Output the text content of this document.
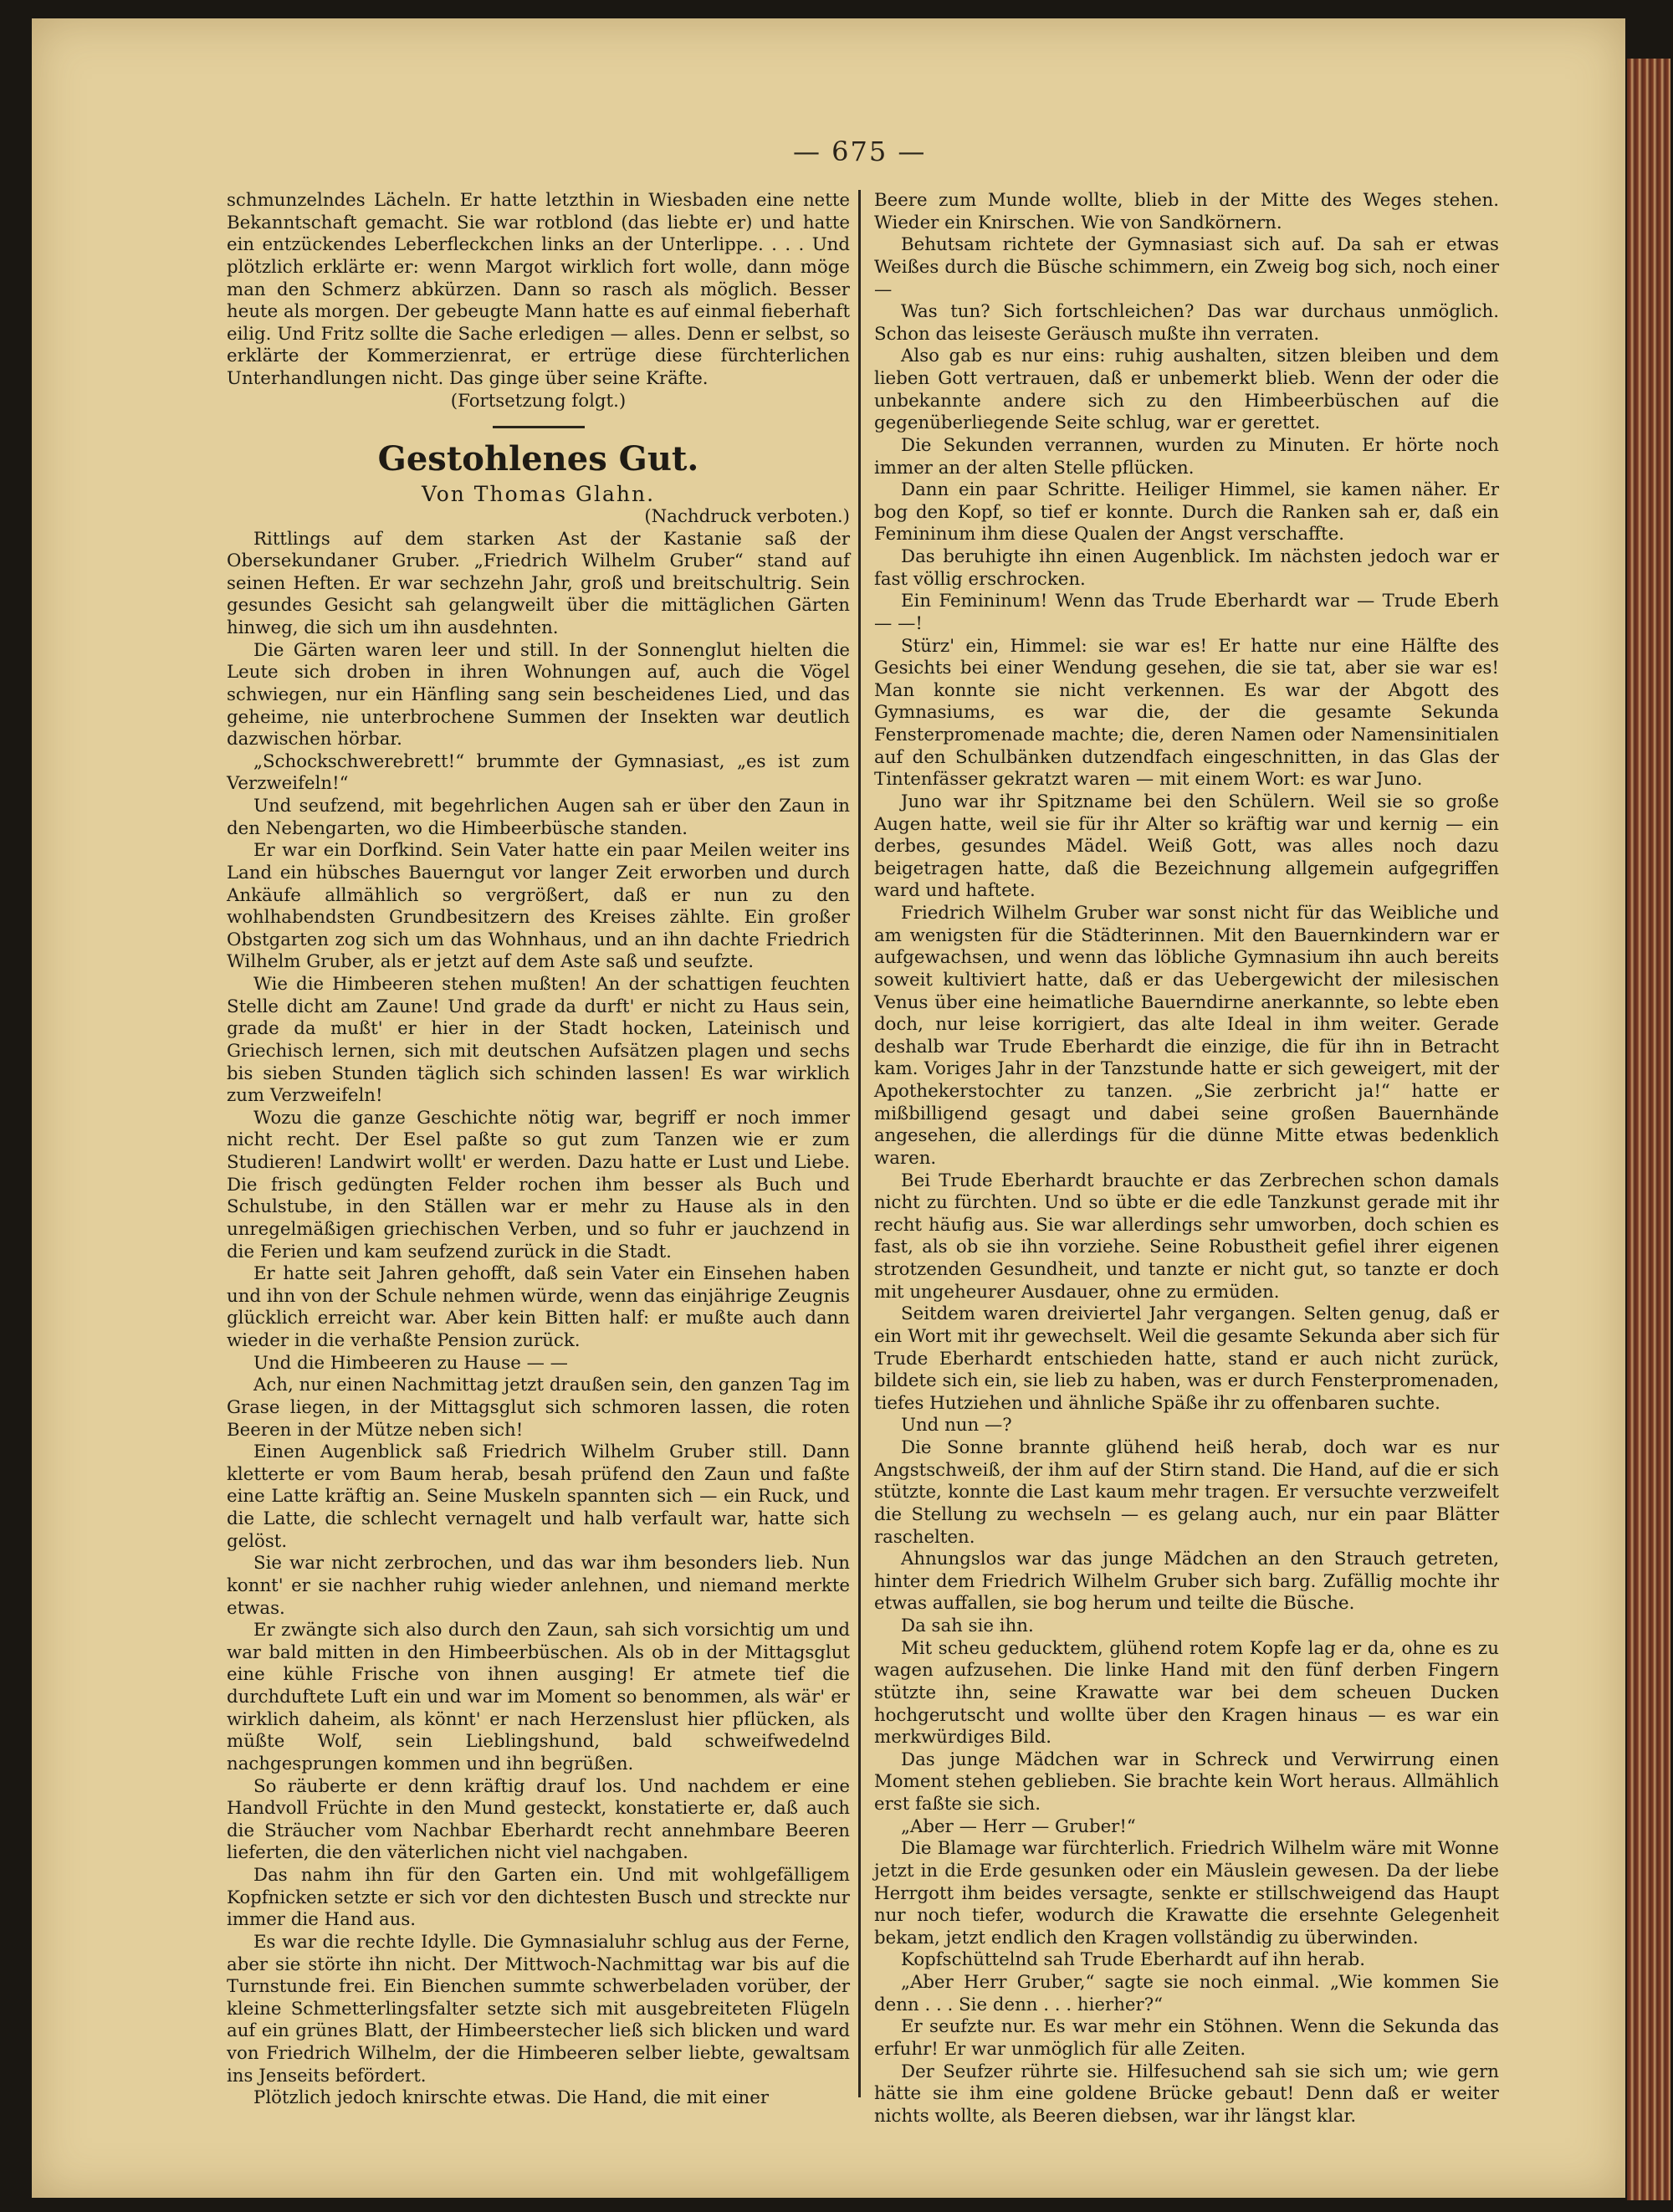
— 675 —

schmunzelndes Lächeln. Er hatte letzthin in Wiesbaden eine nette Bekanntschaft gemacht. Sie war rotblond (das liebte er) und hatte ein entzückendes Leberfleckchen links an der Unterlippe. . . . Und plötzlich erklärte er: wenn Margot wirklich fort wolle, dann möge man den Schmerz abkürzen. Dann so rasch als möglich. Besser heute als morgen. Der gebeugte Mann hatte es auf einmal fieberhaft eilig. Und Fritz sollte die Sache erledigen — alles. Denn er selbst, so erklärte der Kommerzienrat, er ertrüge diese fürchterlichen Unterhandlungen nicht. Das ginge über seine Kräfte.

(Fortsetzung folgt.)

Gestohlenes Gut.
Von Thomas Glahn.

(Nachdruck verboten.)

Rittlings auf dem starken Ast der Kastanie saß der Obersekundaner Gruber. „Friedrich Wilhelm Gruber“ stand auf seinen Heften. Er war sechzehn Jahr, groß und breitschultrig. Sein gesundes Gesicht sah gelangweilt über die mittäglichen Gärten hinweg, die sich um ihn ausdehnten.

Die Gärten waren leer und still. In der Sonnenglut hielten die Leute sich droben in ihren Wohnungen auf, auch die Vögel schwiegen, nur ein Hänfling sang sein bescheidenes Lied, und das geheime, nie unterbrochene Summen der Insekten war deutlich dazwischen hörbar.

„Schockschwerebrett!“ brummte der Gymnasiast, „es ist zum Verzweifeln!“

Und seufzend, mit begehrlichen Augen sah er über den Zaun in den Nebengarten, wo die Himbeerbüsche standen.

Er war ein Dorfkind. Sein Vater hatte ein paar Meilen weiter ins Land ein hübsches Bauerngut vor langer Zeit erworben und durch Ankäufe allmählich so vergrößert, daß er nun zu den wohlhabendsten Grundbesitzern des Kreises zählte. Ein großer Obstgarten zog sich um das Wohnhaus, und an ihn dachte Friedrich Wilhelm Gruber, als er jetzt auf dem Aste saß und seufzte.

Wie die Himbeeren stehen mußten! An der schattigen feuchten Stelle dicht am Zaune! Und grade da durft' er nicht zu Haus sein, grade da mußt' er hier in der Stadt hocken, Lateinisch und Griechisch lernen, sich mit deutschen Aufsätzen plagen und sechs bis sieben Stunden täglich sich schinden lassen! Es war wirklich zum Verzweifeln!

Wozu die ganze Geschichte nötig war, begriff er noch immer nicht recht. Der Esel paßte so gut zum Tanzen wie er zum Studieren! Landwirt wollt' er werden. Dazu hatte er Lust und Liebe. Die frisch gedüngten Felder rochen ihm besser als Buch und Schulstube, in den Ställen war er mehr zu Hause als in den unregelmäßigen griechischen Verben, und so fuhr er jauchzend in die Ferien und kam seufzend zurück in die Stadt.

Er hatte seit Jahren gehofft, daß sein Vater ein Einsehen haben und ihn von der Schule nehmen würde, wenn das einjährige Zeugnis glücklich erreicht war. Aber kein Bitten half: er mußte auch dann wieder in die verhaßte Pension zurück.

Und die Himbeeren zu Hause — —

Ach, nur einen Nachmittag jetzt draußen sein, den ganzen Tag im Grase liegen, in der Mittagsglut sich schmoren lassen, die roten Beeren in der Mütze neben sich!

Einen Augenblick saß Friedrich Wilhelm Gruber still. Dann kletterte er vom Baum herab, besah prüfend den Zaun und faßte eine Latte kräftig an. Seine Muskeln spannten sich — ein Ruck, und die Latte, die schlecht vernagelt und halb verfault war, hatte sich gelöst.

Sie war nicht zerbrochen, und das war ihm besonders lieb. Nun konnt' er sie nachher ruhig wieder anlehnen, und niemand merkte etwas.

Er zwängte sich also durch den Zaun, sah sich vorsichtig um und war bald mitten in den Himbeerbüschen. Als ob in der Mittagsglut eine kühle Frische von ihnen ausging! Er atmete tief die durchduftete Luft ein und war im Moment so benommen, als wär' er wirklich daheim, als könnt' er nach Herzenslust hier pflücken, als müßte Wolf, sein Lieblingshund, bald schweifwedelnd nachgesprungen kommen und ihn begrüßen.

So räuberte er denn kräftig drauf los. Und nachdem er eine Handvoll Früchte in den Mund gesteckt, konstatierte er, daß auch die Sträucher vom Nachbar Eberhardt recht annehmbare Beeren lieferten, die den väterlichen nicht viel nachgaben.

Das nahm ihn für den Garten ein. Und mit wohlgefälligem Kopfnicken setzte er sich vor den dichtesten Busch und streckte nur immer die Hand aus.

Es war die rechte Idylle. Die Gymnasialuhr schlug aus der Ferne, aber sie störte ihn nicht. Der Mittwoch-Nachmittag war bis auf die Turnstunde frei. Ein Bienchen summte schwerbeladen vorüber, der kleine Schmetterlingsfalter setzte sich mit ausgebreiteten Flügeln auf ein grünes Blatt, der Himbeerstecher ließ sich blicken und ward von Friedrich Wilhelm, der die Himbeeren selber liebte, gewaltsam ins Jenseits befördert.

Plötzlich jedoch knirschte etwas. Die Hand, die mit einer

Beere zum Munde wollte, blieb in der Mitte des Weges stehen. Wieder ein Knirschen. Wie von Sandkörnern.

Behutsam richtete der Gymnasiast sich auf. Da sah er etwas Weißes durch die Büsche schimmern, ein Zweig bog sich, noch einer —

Was tun? Sich fortschleichen? Das war durchaus unmöglich. Schon das leiseste Geräusch mußte ihn verraten.

Also gab es nur eins: ruhig aushalten, sitzen bleiben und dem lieben Gott vertrauen, daß er unbemerkt blieb. Wenn der oder die unbekannte andere sich zu den Himbeerbüschen auf die gegenüberliegende Seite schlug, war er gerettet.

Die Sekunden verrannen, wurden zu Minuten. Er hörte noch immer an der alten Stelle pflücken.

Dann ein paar Schritte. Heiliger Himmel, sie kamen näher. Er bog den Kopf, so tief er konnte. Durch die Ranken sah er, daß ein Femininum ihm diese Qualen der Angst verschaffte.

Das beruhigte ihn einen Augenblick. Im nächsten jedoch war er fast völlig erschrocken.

Ein Femininum! Wenn das Trude Eberhardt war — Trude Eberh — —!

Stürz' ein, Himmel: sie war es! Er hatte nur eine Hälfte des Gesichts bei einer Wendung gesehen, die sie tat, aber sie war es! Man konnte sie nicht verkennen. Es war der Abgott des Gymnasiums, es war die, der die gesamte Sekunda Fensterpromenade machte; die, deren Namen oder Namensinitialen auf den Schulbänken dutzendfach eingeschnitten, in das Glas der Tintenfässer gekratzt waren — mit einem Wort: es war Juno.

Juno war ihr Spitzname bei den Schülern. Weil sie so große Augen hatte, weil sie für ihr Alter so kräftig war und kernig — ein derbes, gesundes Mädel. Weiß Gott, was alles noch dazu beigetragen hatte, daß die Bezeichnung allgemein aufgegriffen ward und haftete.

Friedrich Wilhelm Gruber war sonst nicht für das Weibliche und am wenigsten für die Städterinnen. Mit den Bauernkindern war er aufgewachsen, und wenn das löbliche Gymnasium ihn auch bereits soweit kultiviert hatte, daß er das Uebergewicht der milesischen Venus über eine heimatliche Bauerndirne anerkannte, so lebte eben doch, nur leise korrigiert, das alte Ideal in ihm weiter. Gerade deshalb war Trude Eberhardt die einzige, die für ihn in Betracht kam. Voriges Jahr in der Tanzstunde hatte er sich geweigert, mit der Apothekerstochter zu tanzen. „Sie zerbricht ja!“ hatte er mißbilligend gesagt und dabei seine großen Bauernhände angesehen, die allerdings für die dünne Mitte etwas bedenklich waren.

Bei Trude Eberhardt brauchte er das Zerbrechen schon damals nicht zu fürchten. Und so übte er die edle Tanzkunst gerade mit ihr recht häufig aus. Sie war allerdings sehr umworben, doch schien es fast, als ob sie ihn vorziehe. Seine Robustheit gefiel ihrer eigenen strotzenden Gesundheit, und tanzte er nicht gut, so tanzte er doch mit ungeheurer Ausdauer, ohne zu ermüden.

Seitdem waren dreiviertel Jahr vergangen. Selten genug, daß er ein Wort mit ihr gewechselt. Weil die gesamte Sekunda aber sich für Trude Eberhardt entschieden hatte, stand er auch nicht zurück, bildete sich ein, sie lieb zu haben, was er durch Fensterpromenaden, tiefes Hutziehen und ähnliche Späße ihr zu offenbaren suchte.

Und nun —?

Die Sonne brannte glühend heiß herab, doch war es nur Angstschweiß, der ihm auf der Stirn stand. Die Hand, auf die er sich stützte, konnte die Last kaum mehr tragen. Er versuchte verzweifelt die Stellung zu wechseln — es gelang auch, nur ein paar Blätter raschelten.

Ahnungslos war das junge Mädchen an den Strauch getreten, hinter dem Friedrich Wilhelm Gruber sich barg. Zufällig mochte ihr etwas auffallen, sie bog herum und teilte die Büsche.

Da sah sie ihn.

Mit scheu geducktem, glühend rotem Kopfe lag er da, ohne es zu wagen aufzusehen. Die linke Hand mit den fünf derben Fingern stützte ihn, seine Krawatte war bei dem scheuen Ducken hochgerutscht und wollte über den Kragen hinaus — es war ein merkwürdiges Bild.

Das junge Mädchen war in Schreck und Verwirrung einen Moment stehen geblieben. Sie brachte kein Wort heraus. Allmählich erst faßte sie sich.

„Aber — Herr — Gruber!“

Die Blamage war fürchterlich. Friedrich Wilhelm wäre mit Wonne jetzt in die Erde gesunken oder ein Mäuslein gewesen. Da der liebe Herrgott ihm beides versagte, senkte er stillschweigend das Haupt nur noch tiefer, wodurch die Krawatte die ersehnte Gelegenheit bekam, jetzt endlich den Kragen vollständig zu überwinden.

Kopfschüttelnd sah Trude Eberhardt auf ihn herab.

„Aber Herr Gruber,“ sagte sie noch einmal. „Wie kommen Sie denn . . . Sie denn . . . hierher?“

Er seufzte nur. Es war mehr ein Stöhnen. Wenn die Sekunda das erfuhr! Er war unmöglich für alle Zeiten.

Der Seufzer rührte sie. Hilfesuchend sah sie sich um; wie gern hätte sie ihm eine goldene Brücke gebaut! Denn daß er weiter nichts wollte, als Beeren diebsen, war ihr längst klar.
